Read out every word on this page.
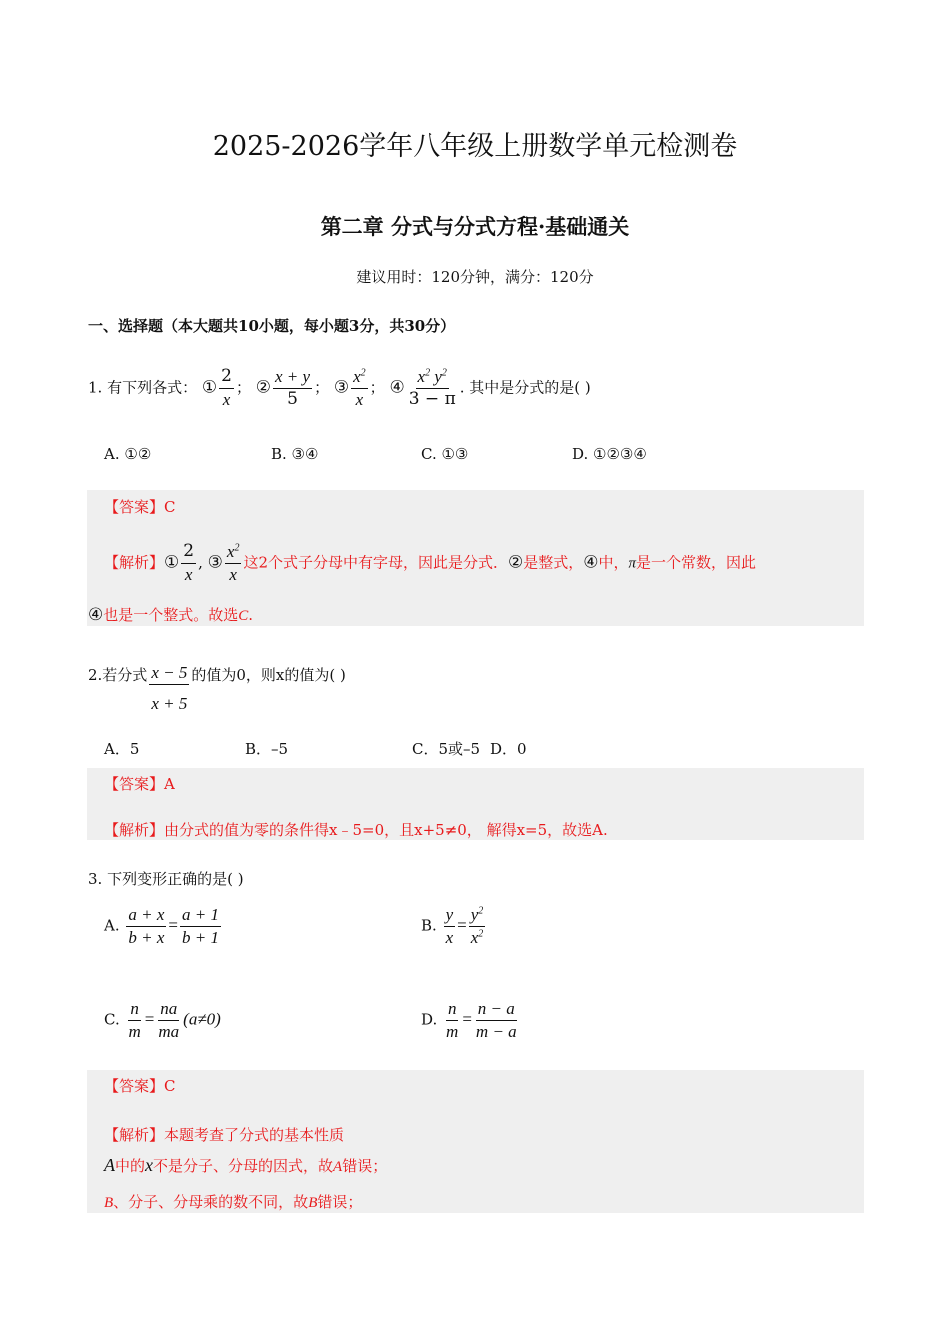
2025-2026学年八年级上册数学单元检测卷
第二章 分式与分式方程·基础通关
建议用时：120分钟，满分：120分
一、选择题（本大题共10小题，每小题3分，共30分）
1. 有下列各式： ① $\frac{2}{x}$ ； ② $\frac{x + y}{5}$ ； ③ $\frac{x^2}{x}$ ； ④ $\frac{x^2 y^2}{3 - \pi}$ . 其中是分式的是( )
A. ①②	B. ③④	C. ①③	D. ①②③④
【答案】C
【解析】① $\frac{2}{x}$ , ③ $\frac{x^2}{x}$ 这2个式子分母中有字母，因此是分式．②是整式，④中，π是一个常数，因此
④也是一个整式。故选C.
2.若分式 $\frac{x - 5}{x + 5}$ 的值为0，则x的值为( )
A．5	B．–5	C．5或–5 D．0
【答案】A
【解析】由分式的值为零的条件得x﹣5=0，且x+5≠0， 解得x=5，故选A.
3. 下列变形正确的是( )
A. $\frac{a + x}{b + x} = \frac{a + 1}{b + 1}$	B. $\frac{y}{x} = \frac{y^2}{x^2}$
C. $\frac{n}{m} = \frac{na}{ma} (a\ne 0)$	D. $\frac{n}{m} = \frac{n - a}{m - a}$
【答案】C
【解析】本题考查了分式的基本性质
A中的x不是分子、分母的因式，故A错误；
B、分子、分母乘的数不同，故B错误；
